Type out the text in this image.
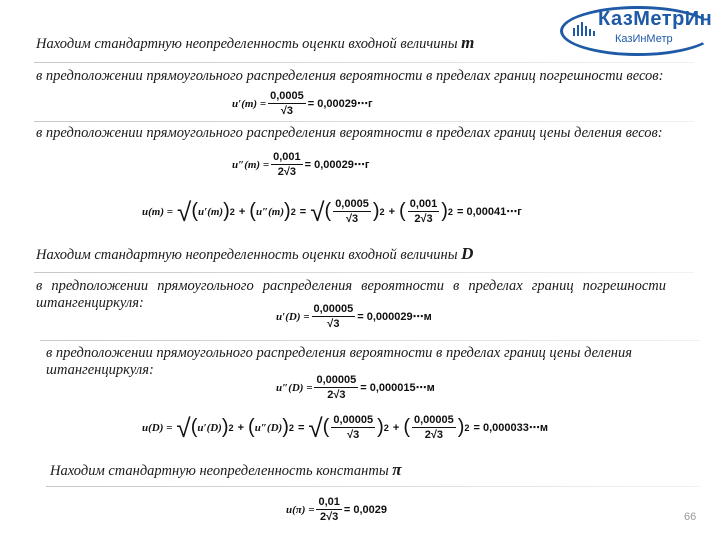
КазМетрИн
КазИнМетр
Находим стандартную неопределенность оценки входной величины m
в предположении прямоугольного распределения вероятности в пределах границ погрешности весов:
$u'(m) = \frac{0,0005}{√3}$ = 0,00029⋯г
в предположении прямоугольного распределения вероятности в пределах границ цены деления весов:
$u''(m) = \frac{0,001}{2√3}$ = 0,00029⋯г
u(m) = √ ( u′(m) ) 2 + ( u″(m) ) 2 = √ ( $\frac{0,0005}{√3}$ ) 2 + ( $\frac{0,001}{2√3}$ ) 2 = 0,00041⋯г
Находим стандартную неопределенность оценки входной величины D
в предположении прямоугольного распределения вероятности в пределах границ погрешности штангенциркуля:
$u'(D) = \frac{0,00005}{√3}$ = 0,000029⋯м
в предположении прямоугольного распределения вероятности в пределах границ цены деления штангенциркуля:
$u''(D) = \frac{0,00005}{2√3}$ = 0,000015⋯м
u(D) = √ ( u′(D) ) 2 + ( u″(D) ) 2 = √ ( $\frac{0,00005}{√3}$ ) 2 + ( $\frac{0,00005}{2√3}$ ) 2 = 0,000033⋯м
Находим стандартную неопределенность константы π
$u(\pi) = \frac{0,01}{2√3} = 0,0029$
66
